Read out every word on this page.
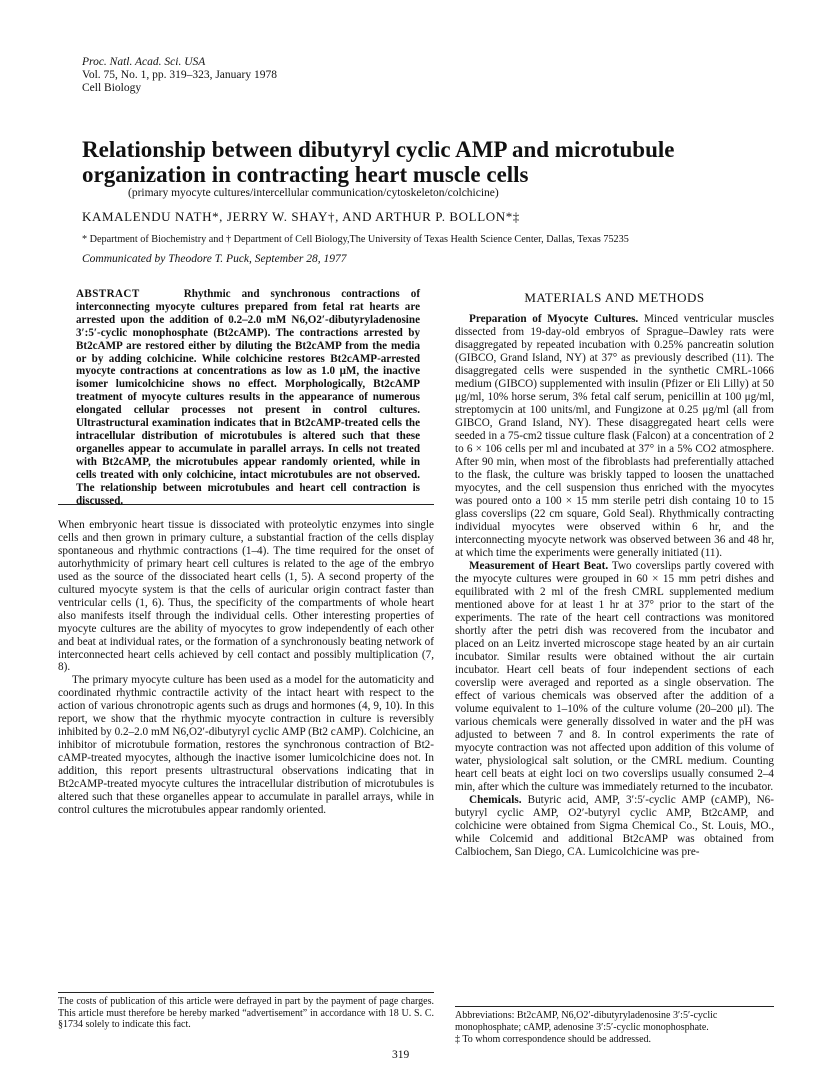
Proc. Natl. Acad. Sci. USA
Vol. 75, No. 1, pp. 319–323, January 1978
Cell Biology
Relationship between dibutyryl cyclic AMP and microtubule organization in contracting heart muscle cells
(primary myocyte cultures/intercellular communication/cytoskeleton/colchicine)
KAMALENDU NATH*, JERRY W. SHAY†, AND ARTHUR P. BOLLON*‡
* Department of Biochemistry and † Department of Cell Biology,The University of Texas Health Science Center, Dallas, Texas 75235
Communicated by Theodore T. Puck, September 28, 1977
ABSTRACT	Rhythmic and synchronous contractions of interconnecting myocyte cultures prepared from fetal rat hearts are arrested upon the addition of 0.2–2.0 mM N6,O2′-dibutyryladenosine 3′:5′-cyclic monophosphate (Bt2cAMP). The contractions arrested by Bt2cAMP are restored either by diluting the Bt2cAMP from the media or by adding colchicine. While colchicine restores Bt2cAMP-arrested myocyte contractions at concentrations as low as 1.0 μM, the inactive isomer lumicolchicine shows no effect. Morphologically, Bt2cAMP treatment of myocyte cultures results in the appearance of numerous elongated cellular processes not present in control cultures. Ultrastructural examination indicates that in Bt2cAMP-treated cells the intracellular distribution of microtubules is altered such that these organelles appear to accumulate in parallel arrays. In cells not treated with Bt2cAMP, the microtubules appear randomly oriented, while in cells treated with only colchicine, intact microtubules are not observed. The relationship between microtubules and heart cell contraction is discussed.

When embryonic heart tissue is dissociated with proteolytic enzymes into single cells and then grown in primary culture, a substantial fraction of the cells display spontaneous and rhythmic contractions (1–4). The time required for the onset of autorhythmicity of primary heart cell cultures is related to the age of the embryo used as the source of the dissociated heart cells (1, 5). A second property of the cultured myocyte system is that the cells of auricular origin contract faster than ventricular cells (1, 6). Thus, the specificity of the compartments of whole heart also manifests itself through the individual cells. Other interesting properties of myocyte cultures are the ability of myocytes to grow independently of each other and beat at individual rates, or the formation of a synchronously beating network of interconnected heart cells achieved by cell contact and possibly multiplication (7, 8).

The primary myocyte culture has been used as a model for the automaticity and coordinated rhythmic contractile activity of the intact heart with respect to the action of various chronotropic agents such as drugs and hormones (4, 9, 10). In this report, we show that the rhythmic myocyte contraction in culture is reversibly inhibited by 0.2–2.0 mM N6,O2′-dibutyryl cyclic AMP (Bt2 cAMP). Colchicine, an inhibitor of microtubule formation, restores the synchronous contraction of Bt2-cAMP-treated myocytes, although the inactive isomer lumicolchicine does not. In addition, this report presents ultrastructural observations indicating that in Bt2cAMP-treated myocyte cultures the intracellular distribution of microtubules is altered such that these organelles appear to accumulate in parallel arrays, while in control cultures the microtubules appear randomly oriented.

The costs of publication of this article were defrayed in part by the payment of page charges. This article must therefore be hereby marked “advertisement” in accordance with 18 U. S. C. §1734 solely to indicate this fact.
MATERIALS AND METHODS

Preparation of Myocyte Cultures. Minced ventricular muscles dissected from 19-day-old embryos of Sprague–Dawley rats were disaggregated by repeated incubation with 0.25% pancreatin solution (GIBCO, Grand Island, NY) at 37° as previously described (11). The disaggregated cells were suspended in the synthetic CMRL-1066 medium (GIBCO) supplemented with insulin (Pfizer or Eli Lilly) at 50 μg/ml, 10% horse serum, 3% fetal calf serum, penicillin at 100 μg/ml, streptomycin at 100 units/ml, and Fungizone at 0.25 μg/ml (all from GIBCO, Grand Island, NY). These disaggregated heart cells were seeded in a 75-cm2 tissue culture flask (Falcon) at a concentration of 2 to 6 × 106 cells per ml and incubated at 37° in a 5% CO2 atmosphere. After 90 min, when most of the fibroblasts had preferentially attached to the flask, the culture was briskly tapped to loosen the unattached myocytes, and the cell suspension thus enriched with the myocytes was poured onto a 100 × 15 mm sterile petri dish containg 10 to 15 glass coverslips (22 cm square, Gold Seal). Rhythmically contracting individual myocytes were observed within 6 hr, and the interconnecting myocyte network was observed between 36 and 48 hr, at which time the experiments were generally initiated (11).

Measurement of Heart Beat. Two coverslips partly covered with the myocyte cultures were grouped in 60 × 15 mm petri dishes and equilibrated with 2 ml of the fresh CMRL supplemented medium mentioned above for at least 1 hr at 37° prior to the start of the experiments. The rate of the heart cell contractions was monitored shortly after the petri dish was recovered from the incubator and placed on an Leitz inverted microscope stage heated by an air curtain incubator. Similar results were obtained without the air curtain incubator. Heart cell beats of four independent sections of each coverslip were averaged and reported as a single observation. The effect of various chemicals was observed after the addition of a volume equivalent to 1–10% of the culture volume (20–200 μl). The various chemicals were generally dissolved in water and the pH was adjusted to between 7 and 8. In control experiments the rate of myocyte contraction was not affected upon addition of this volume of water, physiological salt solution, or the CMRL medium. Counting heart cell beats at eight loci on two coverslips usually consumed 2–4 min, after which the culture was immediately returned to the incubator.

Chemicals. Butyric acid, AMP, 3′:5′-cyclic AMP (cAMP), N6-butyryl cyclic AMP, O2′-butyryl cyclic AMP, Bt2cAMP, and colchicine were obtained from Sigma Chemical Co., St. Louis, MO., while Colcemid and additional Bt2cAMP was obtained from Calbiochem, San Diego, CA. Lumicolchicine was pre-

Abbreviations: Bt2cAMP, N6,O2′-dibutyryladenosine 3′:5′-cyclic monophosphate; cAMP, adenosine 3′:5′-cyclic monophosphate.
‡ To whom correspondence should be addressed.
319
